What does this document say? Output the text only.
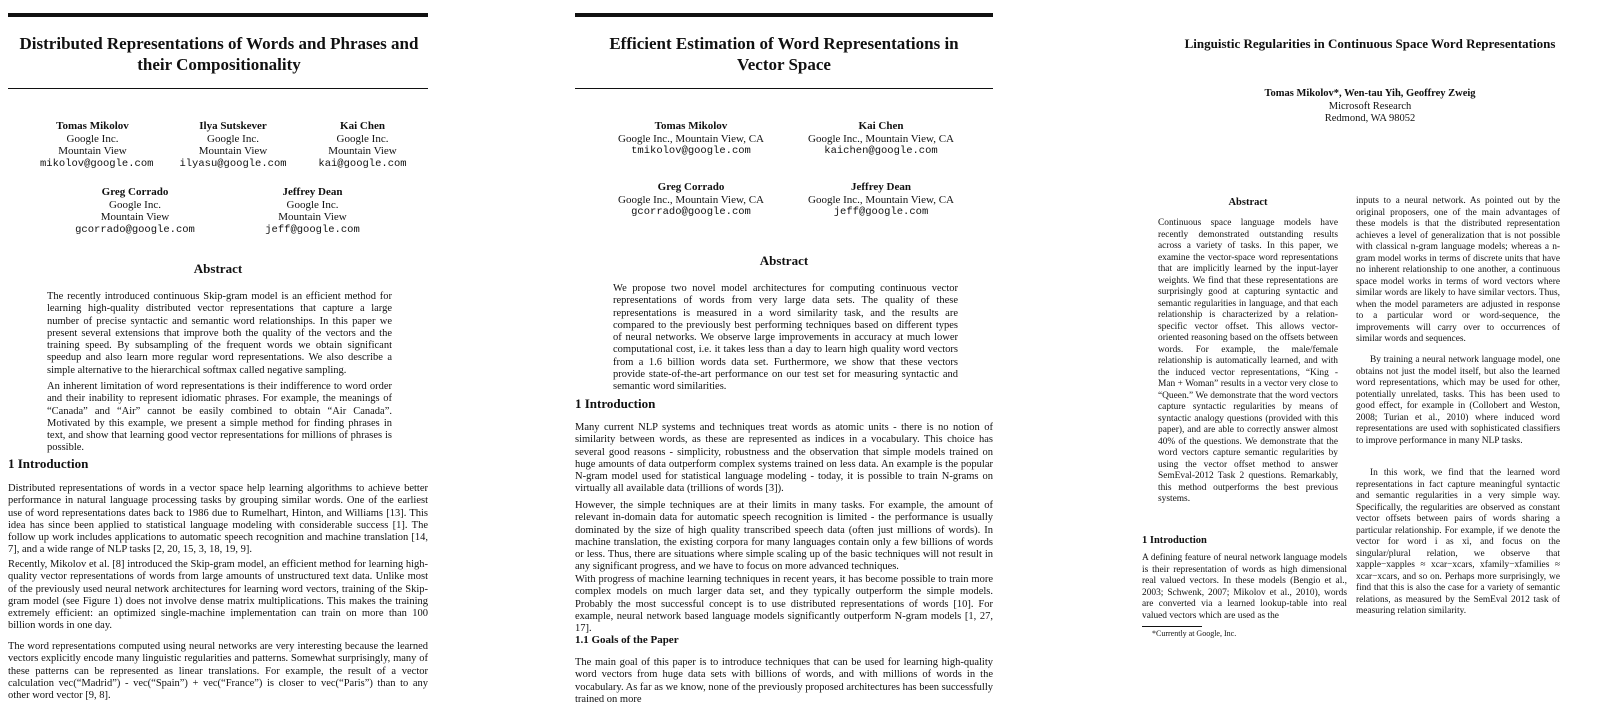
Distributed Representations of Words and Phrases and their Compositionality
Tomas Mikolov
Google Inc.
Mountain View
mikolov@google.com
Ilya Sutskever
Google Inc.
Mountain View
ilyasu@google.com
Kai Chen
Google Inc.
Mountain View
kai@google.com
Greg Corrado
Google Inc.
Mountain View
gcorrado@google.com
Jeffrey Dean
Google Inc.
Mountain View
jeff@google.com
Abstract
The recently introduced continuous Skip-gram model is an efficient method for learning high-quality distributed vector representations that capture a large number of precise syntactic and semantic word relationships. In this paper we present several extensions that improve both the quality of the vectors and the training speed. By subsampling of the frequent words we obtain significant speedup and also learn more regular word representations. We also describe a simple alternative to the hierarchical softmax called negative sampling.
An inherent limitation of word representations is their indifference to word order and their inability to represent idiomatic phrases. For example, the meanings of “Canada” and “Air” cannot be easily combined to obtain “Air Canada”. Motivated by this example, we present a simple method for finding phrases in text, and show that learning good vector representations for millions of phrases is possible.
1 Introduction
Distributed representations of words in a vector space help learning algorithms to achieve better performance in natural language processing tasks by grouping similar words. One of the earliest use of word representations dates back to 1986 due to Rumelhart, Hinton, and Williams [13]. This idea has since been applied to statistical language modeling with considerable success [1]. The follow up work includes applications to automatic speech recognition and machine translation [14, 7], and a wide range of NLP tasks [2, 20, 15, 3, 18, 19, 9].
Recently, Mikolov et al. [8] introduced the Skip-gram model, an efficient method for learning high-quality vector representations of words from large amounts of unstructured text data. Unlike most of the previously used neural network architectures for learning word vectors, training of the Skip-gram model (see Figure 1) does not involve dense matrix multiplications. This makes the training extremely efficient: an optimized single-machine implementation can train on more than 100 billion words in one day.
The word representations computed using neural networks are very interesting because the learned vectors explicitly encode many linguistic regularities and patterns. Somewhat surprisingly, many of these patterns can be represented as linear translations. For example, the result of a vector calculation vec(“Madrid”) - vec(“Spain”) + vec(“France”) is closer to vec(“Paris”) than to any other word vector [9, 8].
Efficient Estimation of Word Representations in Vector Space
Tomas Mikolov
Google Inc., Mountain View, CA
tmikolov@google.com
Kai Chen
Google Inc., Mountain View, CA
kaichen@google.com
Greg Corrado
Google Inc., Mountain View, CA
gcorrado@google.com
Jeffrey Dean
Google Inc., Mountain View, CA
jeff@google.com
Abstract
We propose two novel model architectures for computing continuous vector representations of words from very large data sets. The quality of these representations is measured in a word similarity task, and the results are compared to the previously best performing techniques based on different types of neural networks. We observe large improvements in accuracy at much lower computational cost, i.e. it takes less than a day to learn high quality word vectors from a 1.6 billion words data set. Furthermore, we show that these vectors provide state-of-the-art performance on our test set for measuring syntactic and semantic word similarities.
1 Introduction
Many current NLP systems and techniques treat words as atomic units - there is no notion of similarity between words, as these are represented as indices in a vocabulary. This choice has several good reasons - simplicity, robustness and the observation that simple models trained on huge amounts of data outperform complex systems trained on less data. An example is the popular N-gram model used for statistical language modeling - today, it is possible to train N-grams on virtually all available data (trillions of words [3]).
However, the simple techniques are at their limits in many tasks. For example, the amount of relevant in-domain data for automatic speech recognition is limited - the performance is usually dominated by the size of high quality transcribed speech data (often just millions of words). In machine translation, the existing corpora for many languages contain only a few billions of words or less. Thus, there are situations where simple scaling up of the basic techniques will not result in any significant progress, and we have to focus on more advanced techniques.
With progress of machine learning techniques in recent years, it has become possible to train more complex models on much larger data set, and they typically outperform the simple models. Probably the most successful concept is to use distributed representations of words [10]. For example, neural network based language models significantly outperform N-gram models [1, 27, 17].
1.1 Goals of the Paper
The main goal of this paper is to introduce techniques that can be used for learning high-quality word vectors from huge data sets with billions of words, and with millions of words in the vocabulary. As far as we know, none of the previously proposed architectures has been successfully trained on more
Linguistic Regularities in Continuous Space Word Representations
Tomas Mikolov*, Wen-tau Yih, Geoffrey Zweig
Microsoft Research
Redmond, WA 98052
Abstract
Continuous space language models have recently demonstrated outstanding results across a variety of tasks. In this paper, we examine the vector-space word representations that are implicitly learned by the input-layer weights. We find that these representations are surprisingly good at capturing syntactic and semantic regularities in language, and that each relationship is characterized by a relation-specific vector offset. This allows vector-oriented reasoning based on the offsets between words. For example, the male/female relationship is automatically learned, and with the induced vector representations, “King - Man + Woman” results in a vector very close to “Queen.” We demonstrate that the word vectors capture syntactic regularities by means of syntactic analogy questions (provided with this paper), and are able to correctly answer almost 40% of the questions. We demonstrate that the word vectors capture semantic regularities by using the vector offset method to answer SemEval-2012 Task 2 questions. Remarkably, this method outperforms the best previous systems.
1 Introduction
A defining feature of neural network language models is their representation of words as high dimensional real valued vectors. In these models (Bengio et al., 2003; Schwenk, 2007; Mikolov et al., 2010), words are converted via a learned lookup-table into real valued vectors which are used as the
*Currently at Google, Inc.
inputs to a neural network. As pointed out by the original proposers, one of the main advantages of these models is that the distributed representation achieves a level of generalization that is not possible with classical n-gram language models; whereas a n-gram model works in terms of discrete units that have no inherent relationship to one another, a continuous space model works in terms of word vectors where similar words are likely to have similar vectors. Thus, when the model parameters are adjusted in response to a particular word or word-sequence, the improvements will carry over to occurrences of similar words and sequences.
By training a neural network language model, one obtains not just the model itself, but also the learned word representations, which may be used for other, potentially unrelated, tasks. This has been used to good effect, for example in (Collobert and Weston, 2008; Turian et al., 2010) where induced word representations are used with sophisticated classifiers to improve performance in many NLP tasks.
In this work, we find that the learned word representations in fact capture meaningful syntactic and semantic regularities in a very simple way. Specifically, the regularities are observed as constant vector offsets between pairs of words sharing a particular relationship. For example, if we denote the vector for word i as xi, and focus on the singular/plural relation, we observe that xapple−xapples ≈ xcar−xcars, xfamily−xfamilies ≈ xcar−xcars, and so on. Perhaps more surprisingly, we find that this is also the case for a variety of semantic relations, as measured by the SemEval 2012 task of measuring relation similarity.
